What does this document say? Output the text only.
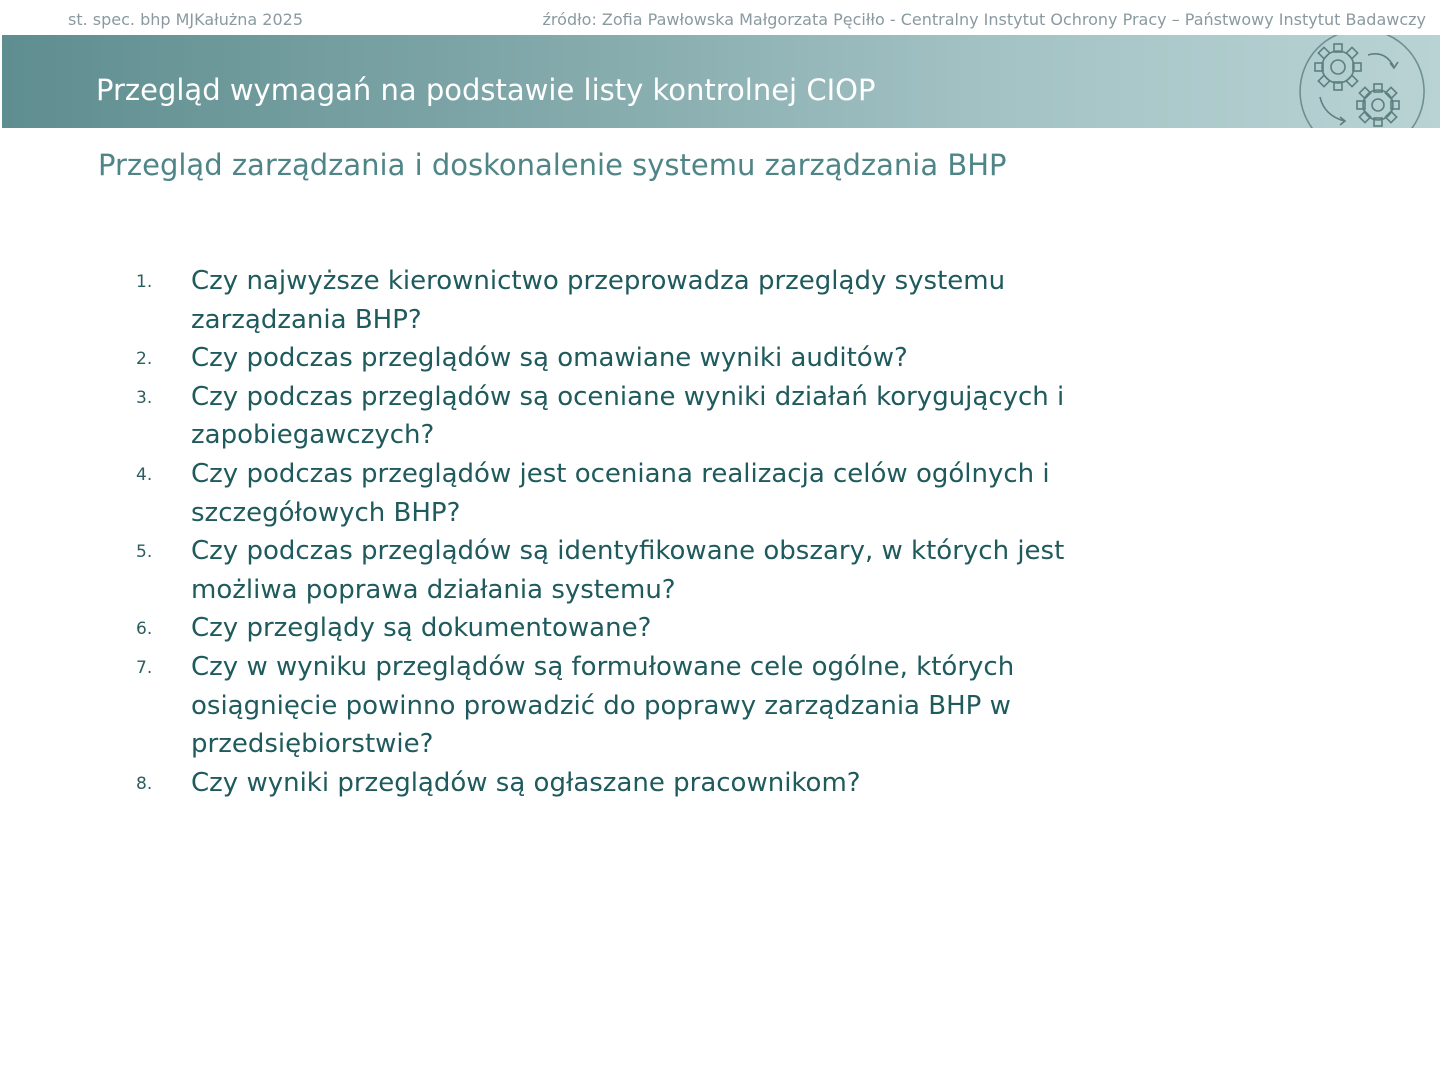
st. spec. bhp MJKałużna 2025	źródło: Zofia Pawłowska Małgorzata Pęciłło - Centralny Instytut Ochrony Pracy – Państwowy Instytut Badawczy
Przegląd wymagań na podstawie listy kontrolnej CIOP
Przegląd zarządzania i doskonalenie systemu zarządzania BHP
1. Czy najwyższe kierownictwo przeprowadza przeglądy systemu zarządzania BHP?
2. Czy podczas przeglądów są omawiane wyniki auditów?
3. Czy podczas przeglądów są oceniane wyniki działań korygujących i zapobiegawczych?
4. Czy podczas przeglądów jest oceniana realizacja celów ogólnych i szczegółowych BHP?
5. Czy podczas przeglądów są identyfikowane obszary, w których jest możliwa poprawa działania systemu?
6. Czy przeglądy są dokumentowane?
7. Czy w wyniku przeglądów są formułowane cele ogólne, których osiągnięcie powinno prowadzić do poprawy zarządzania BHP w przedsiębiorstwie?
8. Czy wyniki przeglądów są ogłaszane pracownikom?
